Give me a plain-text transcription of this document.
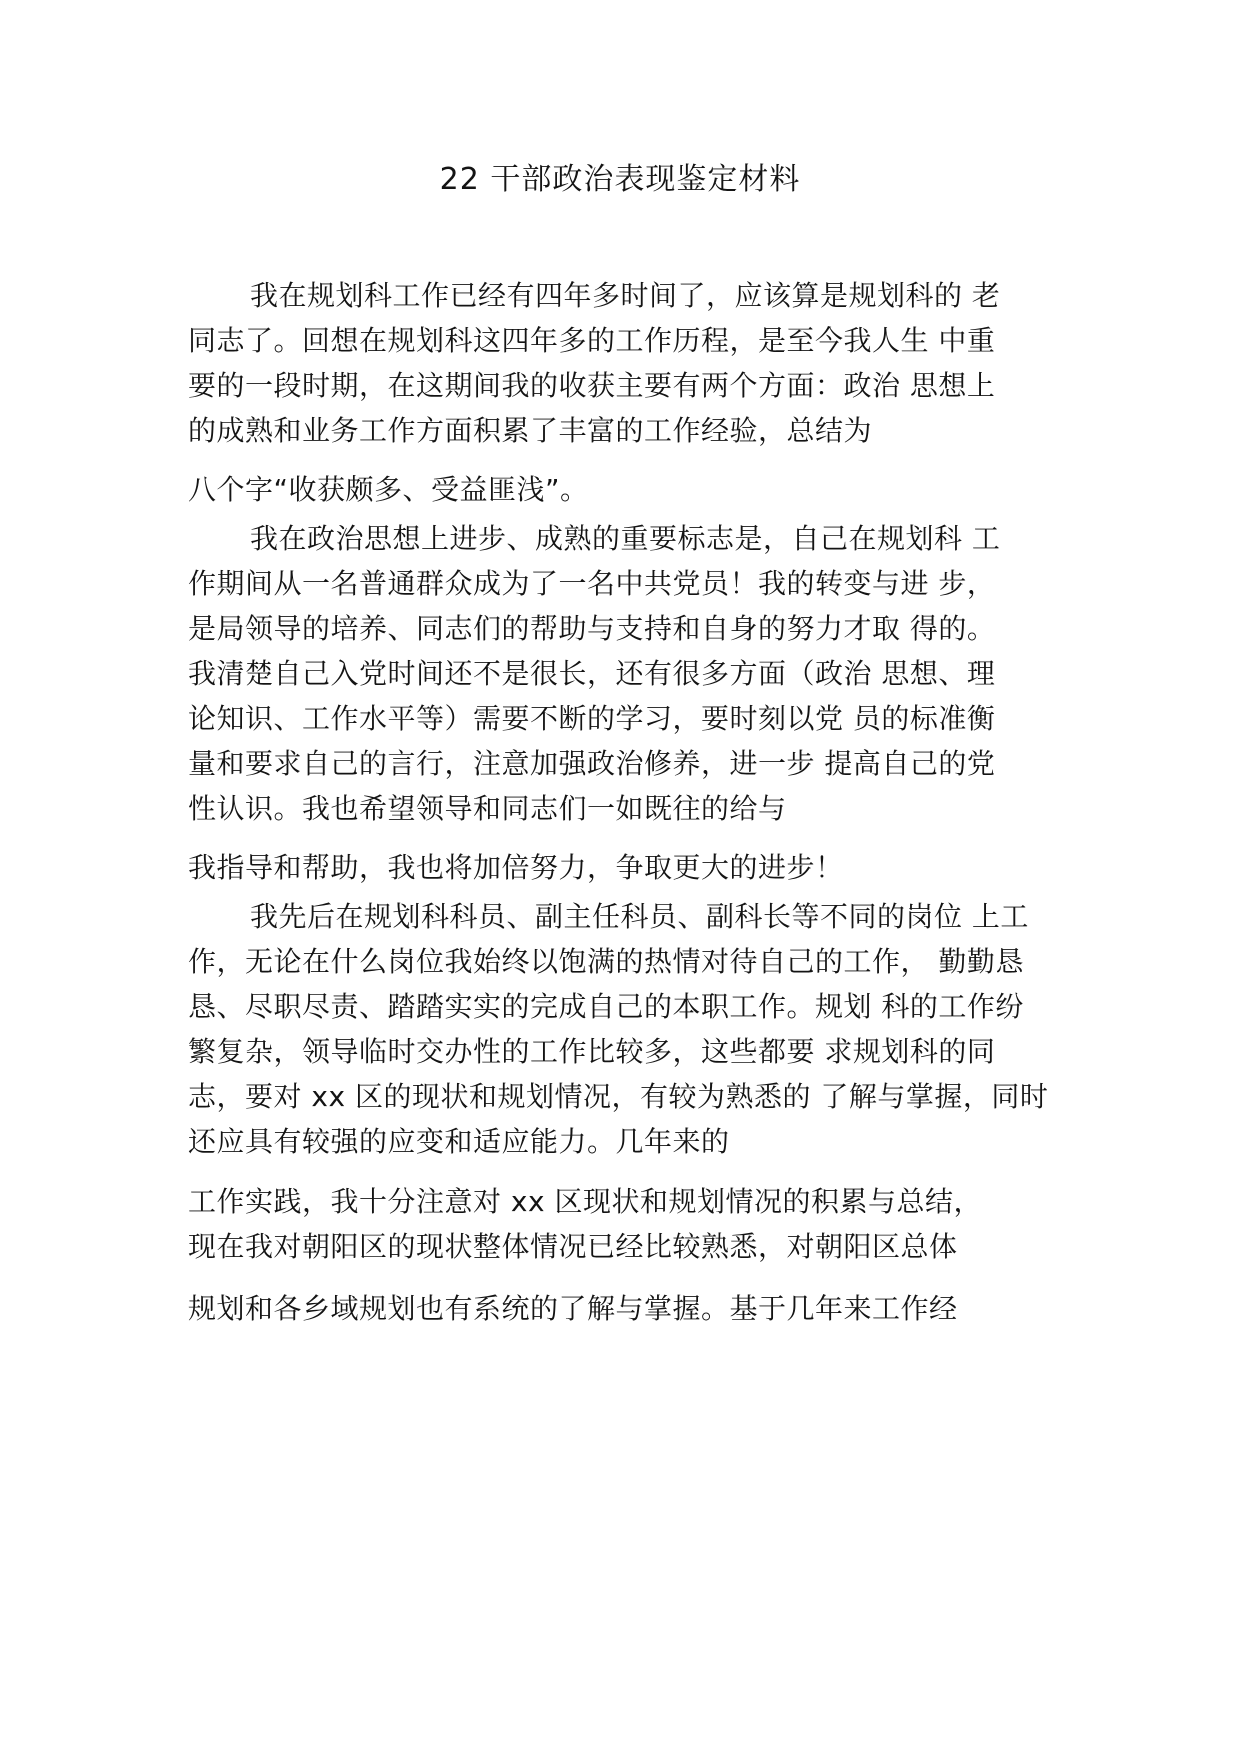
22 干部政治表现鉴定材料
我在规划科工作已经有四年多时间了，应该算是规划科的 老
同志了。回想在规划科这四年多的工作历程，是至今我人生 中重
要的一段时期，在这期间我的收获主要有两个方面：政治 思想上
的成熟和业务工作方面积累了丰富的工作经验，总结为
八个字“收获颇多、受益匪浅”。
我在政治思想上进步、成熟的重要标志是，自己在规划科 工
作期间从一名普通群众成为了一名中共党员！我的转变与进 步，
是局领导的培养、同志们的帮助与支持和自身的努力才取 得的。
我清楚自己入党时间还不是很长，还有很多方面（政治 思想、理
论知识、工作水平等）需要不断的学习，要时刻以党 员的标准衡
量和要求自己的言行，注意加强政治修养，进一步 提高自己的党
性认识。我也希望领导和同志们一如既往的给与
我指导和帮助，我也将加倍努力，争取更大的进步！
我先后在规划科科员、副主任科员、副科长等不同的岗位 上工
作，无论在什么岗位我始终以饱满的热情对待自己的工作， 勤勤恳
恳、尽职尽责、踏踏实实的完成自己的本职工作。规划 科的工作纷
繁复杂，领导临时交办性的工作比较多，这些都要 求规划科的同
志，要对 xx 区的现状和规划情况，有较为熟悉的 了解与掌握，同时
还应具有较强的应变和适应能力。几年来的
工作实践，我十分注意对 xx 区现状和规划情况的积累与总结，
现在我对朝阳区的现状整体情况已经比较熟悉，对朝阳区总体
规划和各乡域规划也有系统的了解与掌握。基于几年来工作经
